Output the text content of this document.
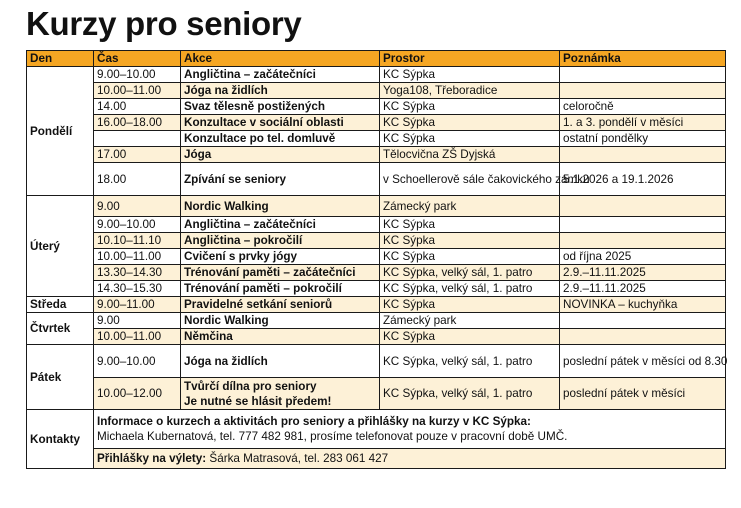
Kurzy pro seniory
Den	Čas	Akce	Prostor	Poznámka
Pondělí	9.00–10.00	Angličtina – začátečníci	KC Sýpka	
	10.00–11.00	Jóga na židlích	Yoga108, Třeboradice	
	14.00	Svaz tělesně postižených	KC Sýpka	celoročně
	16.00–18.00	Konzultace v sociální oblasti	KC Sýpka	1. a 3. pondělí v měsíci
		Konzultace po tel. domluvě	KC Sýpka	ostatní pondělky
	17.00	Jóga	Tělocvična ZŠ Dyjská	
	18.00	Zpívání se seniory	v Schoellerově sále čakovického zámku	5.1.2026 a 19.1.2026
Úterý	9.00	Nordic Walking	Zámecký park	
	9.00–10.00	Angličtina – začátečníci	KC Sýpka	
	10.10–11.10	Angličtina – pokročilí	KC Sýpka	
	10.00–11.00	Cvičení s prvky jógy	KC Sýpka	od října 2025
	13.30–14.30	Trénování paměti – začátečníci	KC Sýpka, velký sál, 1. patro	2.9.–11.11.2025
	14.30–15.30	Trénování paměti – pokročilí	KC Sýpka, velký sál, 1. patro	2.9.–11.11.2025
Středa	9.00–11.00	Pravidelné setkání seniorů	KC Sýpka	NOVINKA – kuchyňka
Čtvrtek	9.00	Nordic Walking	Zámecký park	
	10.00–11.00	Němčina	KC Sýpka	
Pátek	9.00–10.00	Jóga na židlích	KC Sýpka, velký sál, 1. patro	poslední pátek v měsíci od 8.30
	10.00–12.00	Tvůrčí dílna pro seniory
Je nutné se hlásit předem!	KC Sýpka, velký sál, 1. patro	poslední pátek v měsíci
Kontakty	Informace o kurzech a aktivitách pro seniory a přihlášky na kurzy v KC Sýpka:
Michaela Kubernatová, tel. 777 482 981, prosíme telefonovat pouze v pracovní době UMČ.			
	Přihlášky na výlety: Šárka Matrasová, tel. 283 061 427			
